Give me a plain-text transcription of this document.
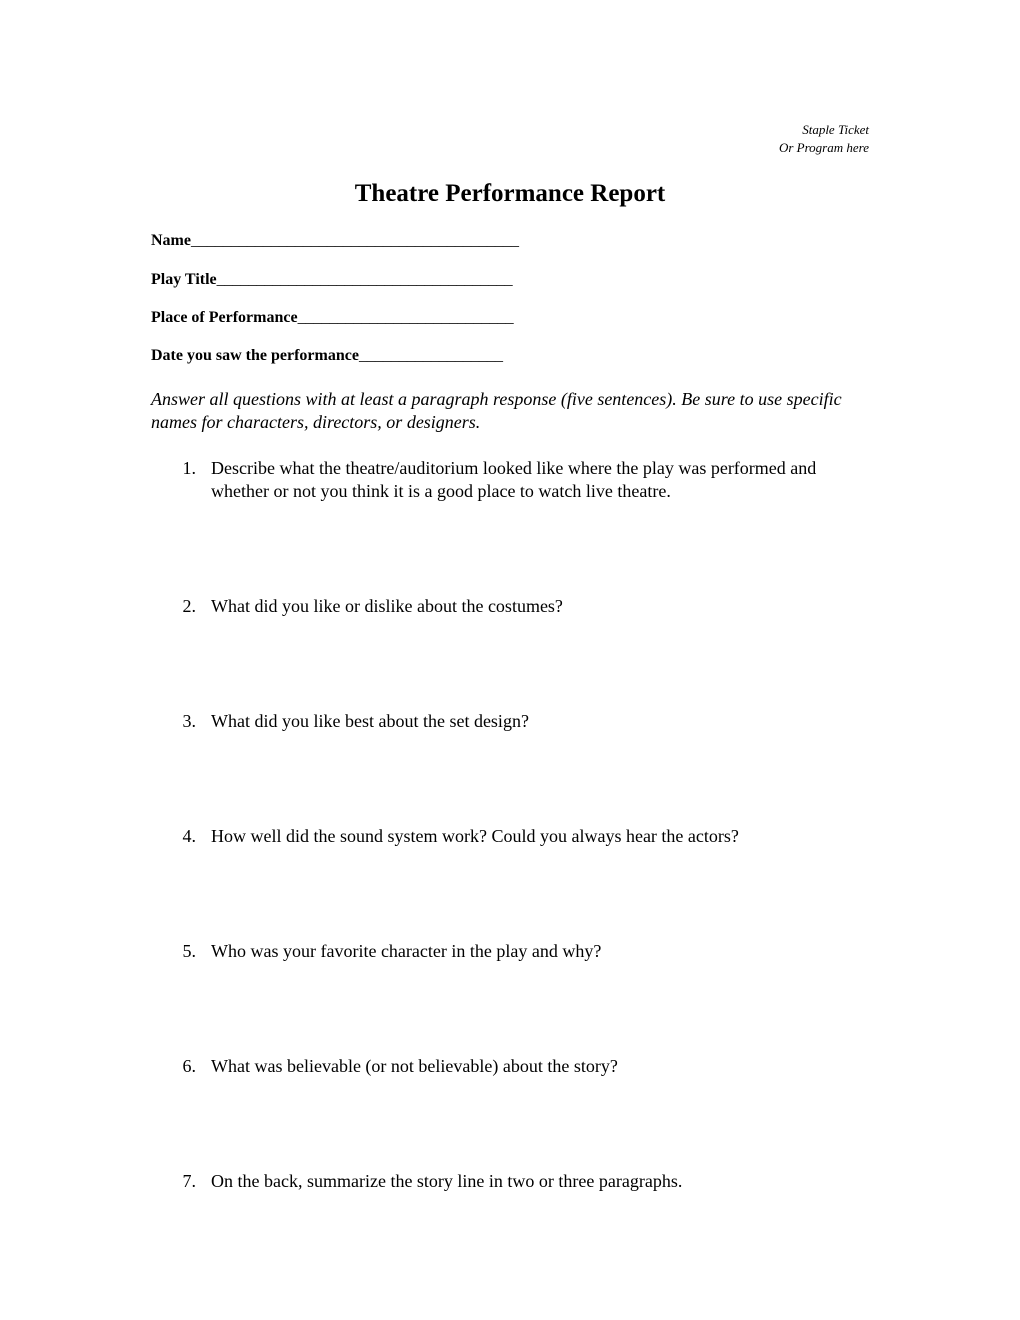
Staple Ticket
Or Program here
Theatre Performance Report
Name_________________________________________
Play Title_____________________________________
Place of Performance___________________________
Date you saw the performance__________________

Answer all questions with at least a paragraph response (five sentences). Be sure to use specific names for characters, directors, or designers.

1. Describe what the theatre/auditorium looked like where the play was performed and whether or not you think it is a good place to watch live theatre.
2. What did you like or dislike about the costumes?
3. What did you like best about the set design?
4. How well did the sound system work? Could you always hear the actors?
5. Who was your favorite character in the play and why?
6. What was believable (or not believable) about the story?
7. On the back, summarize the story line in two or three paragraphs.
